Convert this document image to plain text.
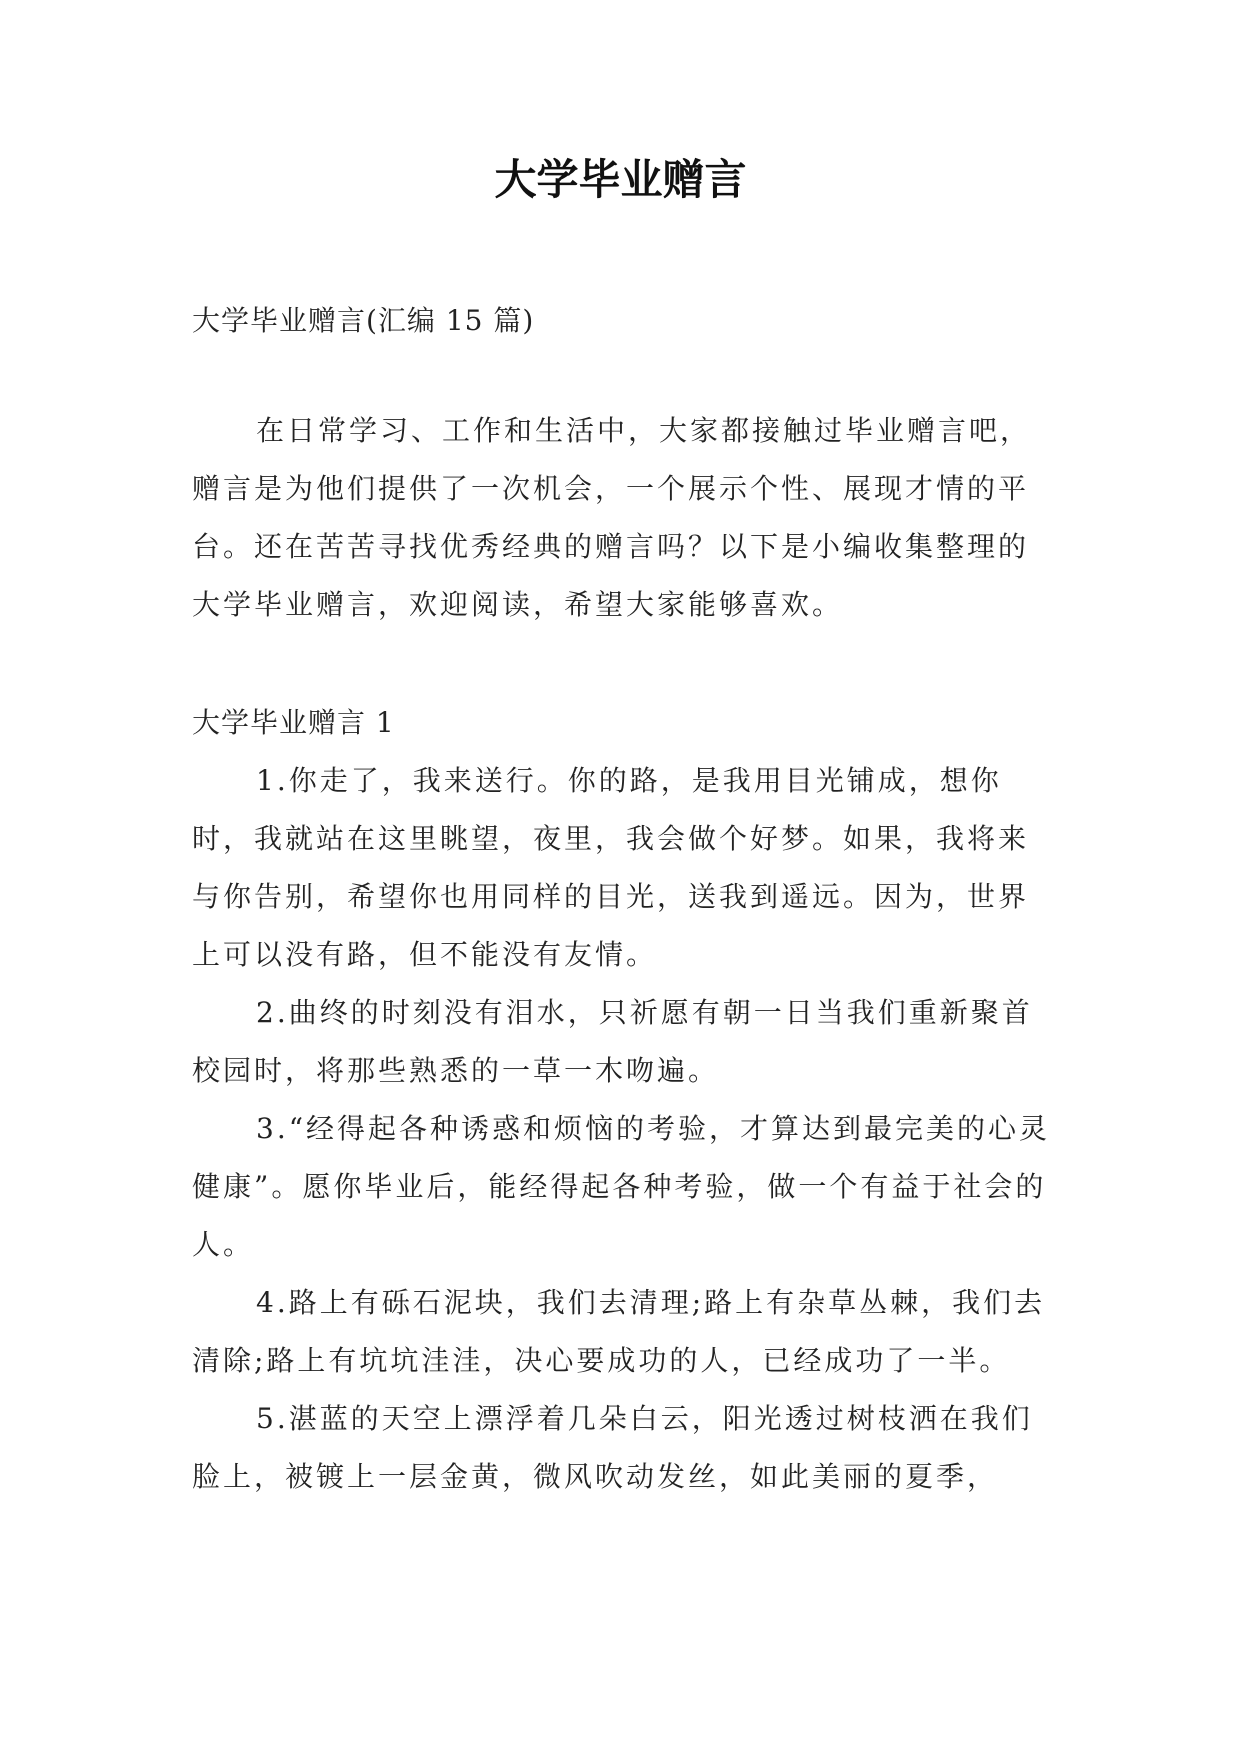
大学毕业赠言

大学毕业赠言(汇编 15 篇)

在日常学习、工作和生活中，大家都接触过毕业赠言吧，赠言是为他们提供了一次机会，一个展示个性、展现才情的平台。还在苦苦寻找优秀经典的赠言吗？以下是小编收集整理的大学毕业赠言，欢迎阅读，希望大家能够喜欢。

大学毕业赠言 1

1.你走了，我来送行。你的路，是我用目光铺成，想你时，我就站在这里眺望，夜里，我会做个好梦。如果，我将来与你告别，希望你也用同样的目光，送我到遥远。因为，世界上可以没有路，但不能没有友情。

2.曲终的时刻没有泪水，只祈愿有朝一日当我们重新聚首校园时，将那些熟悉的一草一木吻遍。

3.“经得起各种诱惑和烦恼的考验，才算达到最完美的心灵健康”。愿你毕业后，能经得起各种考验，做一个有益于社会的人。

4.路上有砾石泥块，我们去清理;路上有杂草丛棘，我们去清除;路上有坑坑洼洼，决心要成功的人，已经成功了一半。

5.湛蓝的天空上漂浮着几朵白云，阳光透过树枝洒在我们脸上，被镀上一层金黄，微风吹动发丝，如此美丽的夏季，
